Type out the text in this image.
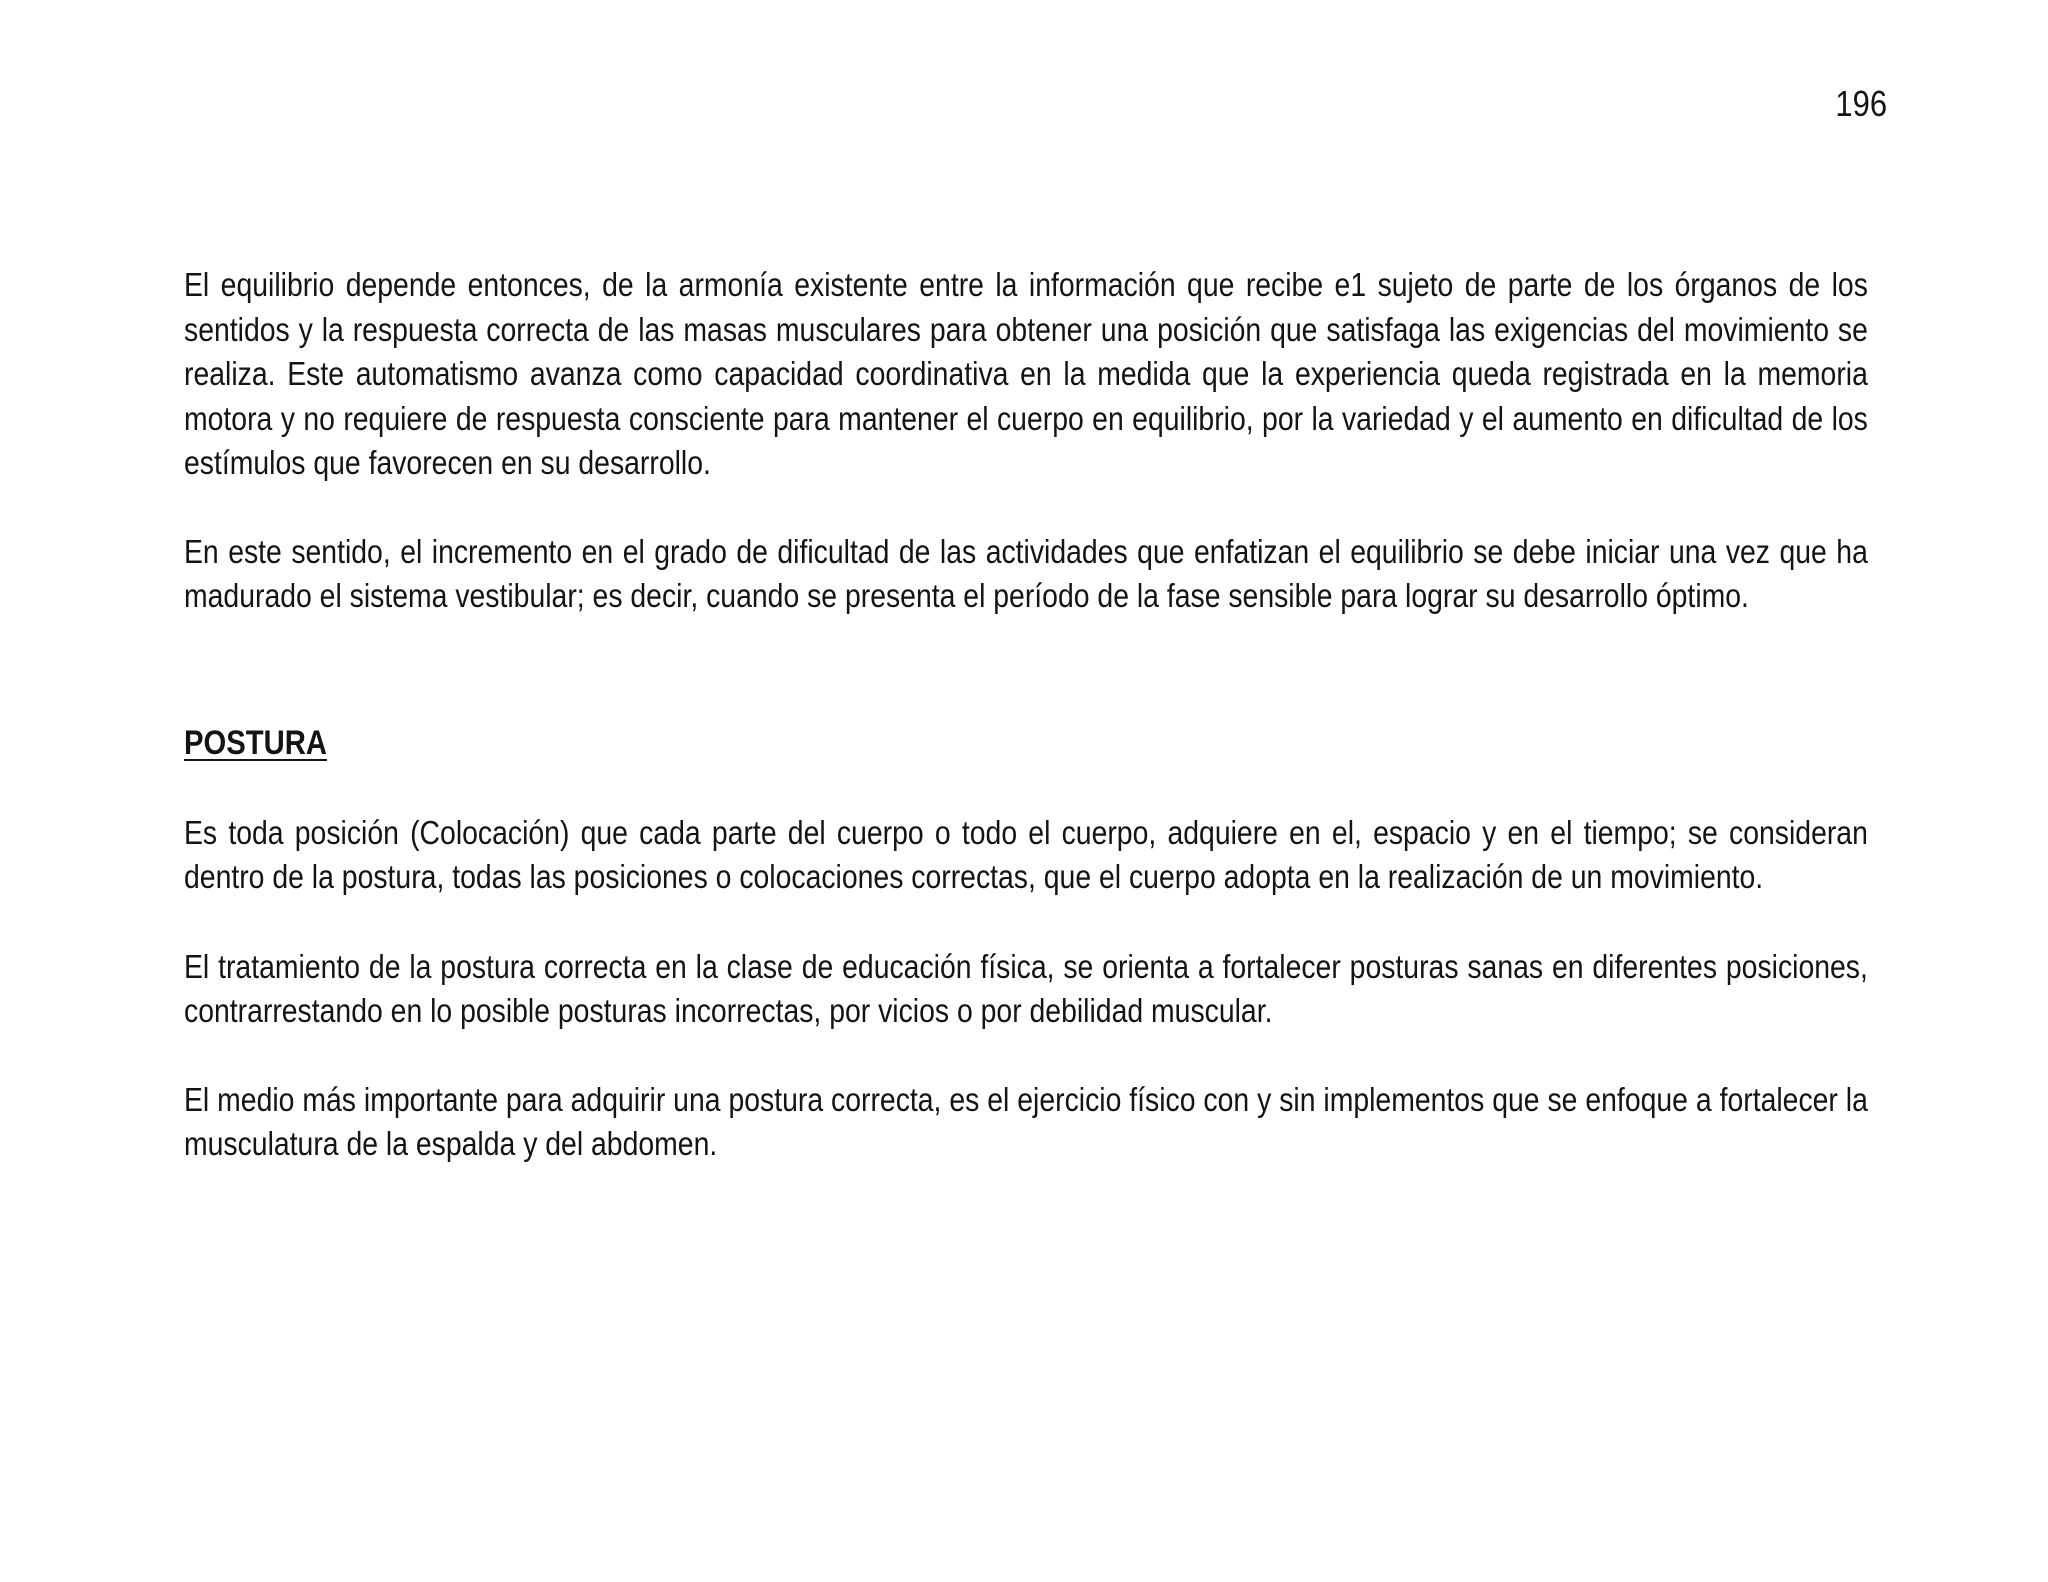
196

El equilibrio depende entonces, de la armonía existente entre la información que recibe e1 sujeto de parte de los órganos de los sentidos y la respuesta correcta de las masas musculares para obtener una posición que satisfaga las exigencias del movimiento se realiza. Este automatismo avanza como capacidad coordinativa en la medida que la experiencia queda registrada en la memoria motora y no requiere de respuesta consciente para mantener el cuerpo en equilibrio, por la variedad y el aumento en dificultad de los estímulos que favorecen en su desarrollo.

En este sentido, el incremento en el grado de dificultad de las actividades que enfatizan el equilibrio se debe iniciar una vez que ha madurado el sistema vestibular; es decir, cuando se presenta el período de la fase sensible para lograr su desarrollo óptimo.

POSTURA

Es toda posición (Colocación) que cada parte del cuerpo o todo el cuerpo, adquiere en el, espacio y en el tiempo; se consideran dentro de la postura, todas las posiciones o colocaciones correctas, que el cuerpo adopta en la realización de un movimiento.

El tratamiento de la postura correcta en la clase de educación física, se orienta a fortalecer posturas sanas en diferentes posiciones, contrarrestando en lo posible posturas incorrectas, por vicios o por debilidad muscular.

El medio más importante para adquirir una postura correcta, es el ejercicio físico con y sin implementos que se enfoque a fortalecer la musculatura de la espalda y del abdomen.
